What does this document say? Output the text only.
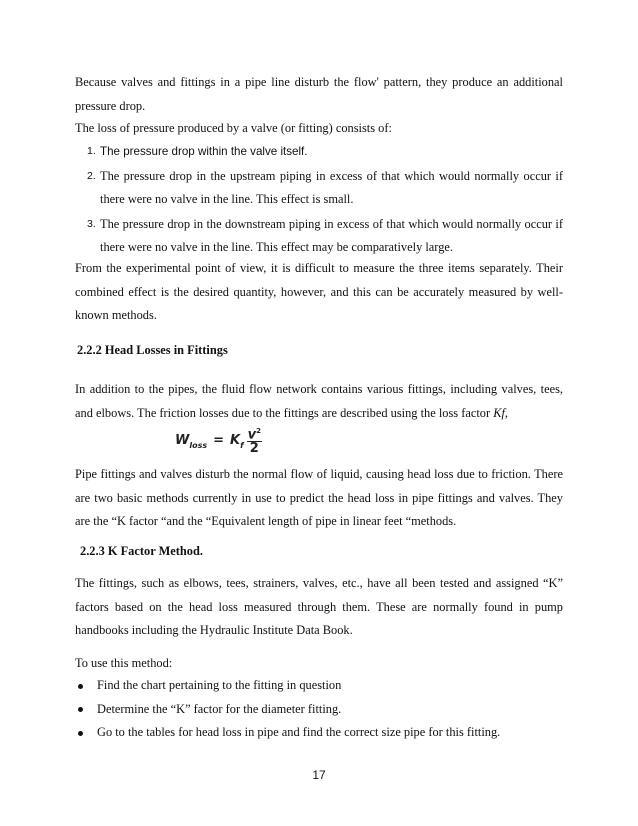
Because valves and fittings in a pipe line disturb the flow' pattern, they produce an additional pressure drop.

The loss of pressure produced by a valve (or fitting) consists of:

1. The pressure drop within the valve itself.
2. The pressure drop in the upstream piping in excess of that which would normally occur if there were no valve in the line. This effect is small.
3. The pressure drop in the downstream piping in excess of that which would normally occur if there were no valve in the line. This effect may be comparatively large.

From the experimental point of view, it is difficult to measure the three items separately. Their combined effect is the desired quantity, however, and this can be accurately measured by well-known methods.

2.2.2 Head Losses in Fittings

In addition to the pipes, the fluid flow network contains various fittings, including valves, tees, and elbows. The friction losses due to the fittings are described using the loss factor Kf,

$W_{loss} = K_f \frac{v^2}{2}$

Pipe fittings and valves disturb the normal flow of liquid, causing head loss due to friction. There are two basic methods currently in use to predict the head loss in pipe fittings and valves. They are the “K factor “and the “Equivalent length of pipe in linear feet “methods.

2.2.3 K Factor Method.

The fittings, such as elbows, tees, strainers, valves, etc., have all been tested and assigned “K” factors based on the head loss measured through them. These are normally found in pump handbooks including the Hydraulic Institute Data Book.

To use this method:

Find the chart pertaining to the fitting in question
Determine the “K” factor for the diameter fitting.
Go to the tables for head loss in pipe and find the correct size pipe for this fitting.
17
